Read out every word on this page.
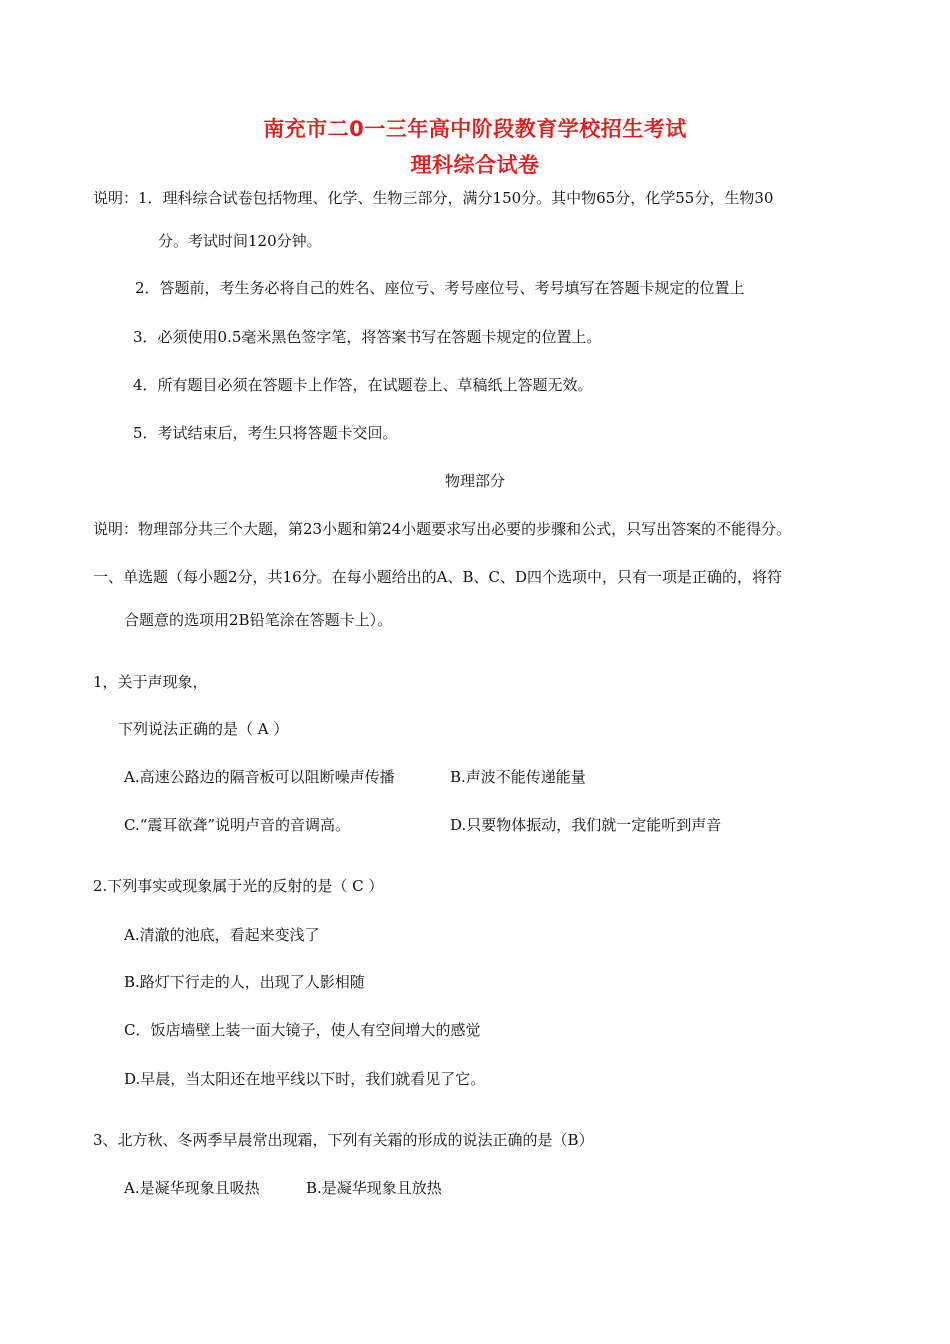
南充市二0一三年高中阶段教育学校招生考试
理科综合试卷
说明：1．理科综合试卷包括物理、化学、生物三部分，满分150分。其中物65分，化学55分，生物30
分。考试时间120分钟。
2．答题前，考生务必将自己的姓名、座位亏、考号座位号、考号填写在答题卡规定的位置上
3．必须使用0.5毫米黑色签字笔，将答案书写在答题卡规定的位置上。
4．所有题目必须在答题卡上作答，在试题卷上、草稿纸上答题无效。
5．考试结束后，考生只将答题卡交回。
物理部分
说明：物理部分共三个大题，第23小题和第24小题要求写出必要的步骤和公式，只写出答案的不能得分。
一、单选题（每小题2分，共16分。在每小题给出的A、B、C、D四个选项中，只有一项是正确的，将符
合题意的选项用2B铅笔涂在答题卡上）。
1，关于声现象，
下列说法正确的是（ A ）
A.高速公路边的隔音板可以阻断噪声传播	B.声波不能传递能量
C.“震耳欲聋”说明卢音的音调高。	D.只要物体振动，我们就一定能听到声音
2.下列事实或现象属于光的反射的是（ C ）
A.清澈的池底，看起来变浅了
B.路灯下行走的人，出现了人影相随
C．饭店墙壁上装一面大镜子，使人有空间增大的感觉
D.早晨，当太阳还在地平线以下时，我们就看见了它。
3、北方秋、冬两季早晨常出现霜，下列有关霜的形成的说法正确的是（B）
A.是凝华现象且吸热	B.是凝华现象且放热
